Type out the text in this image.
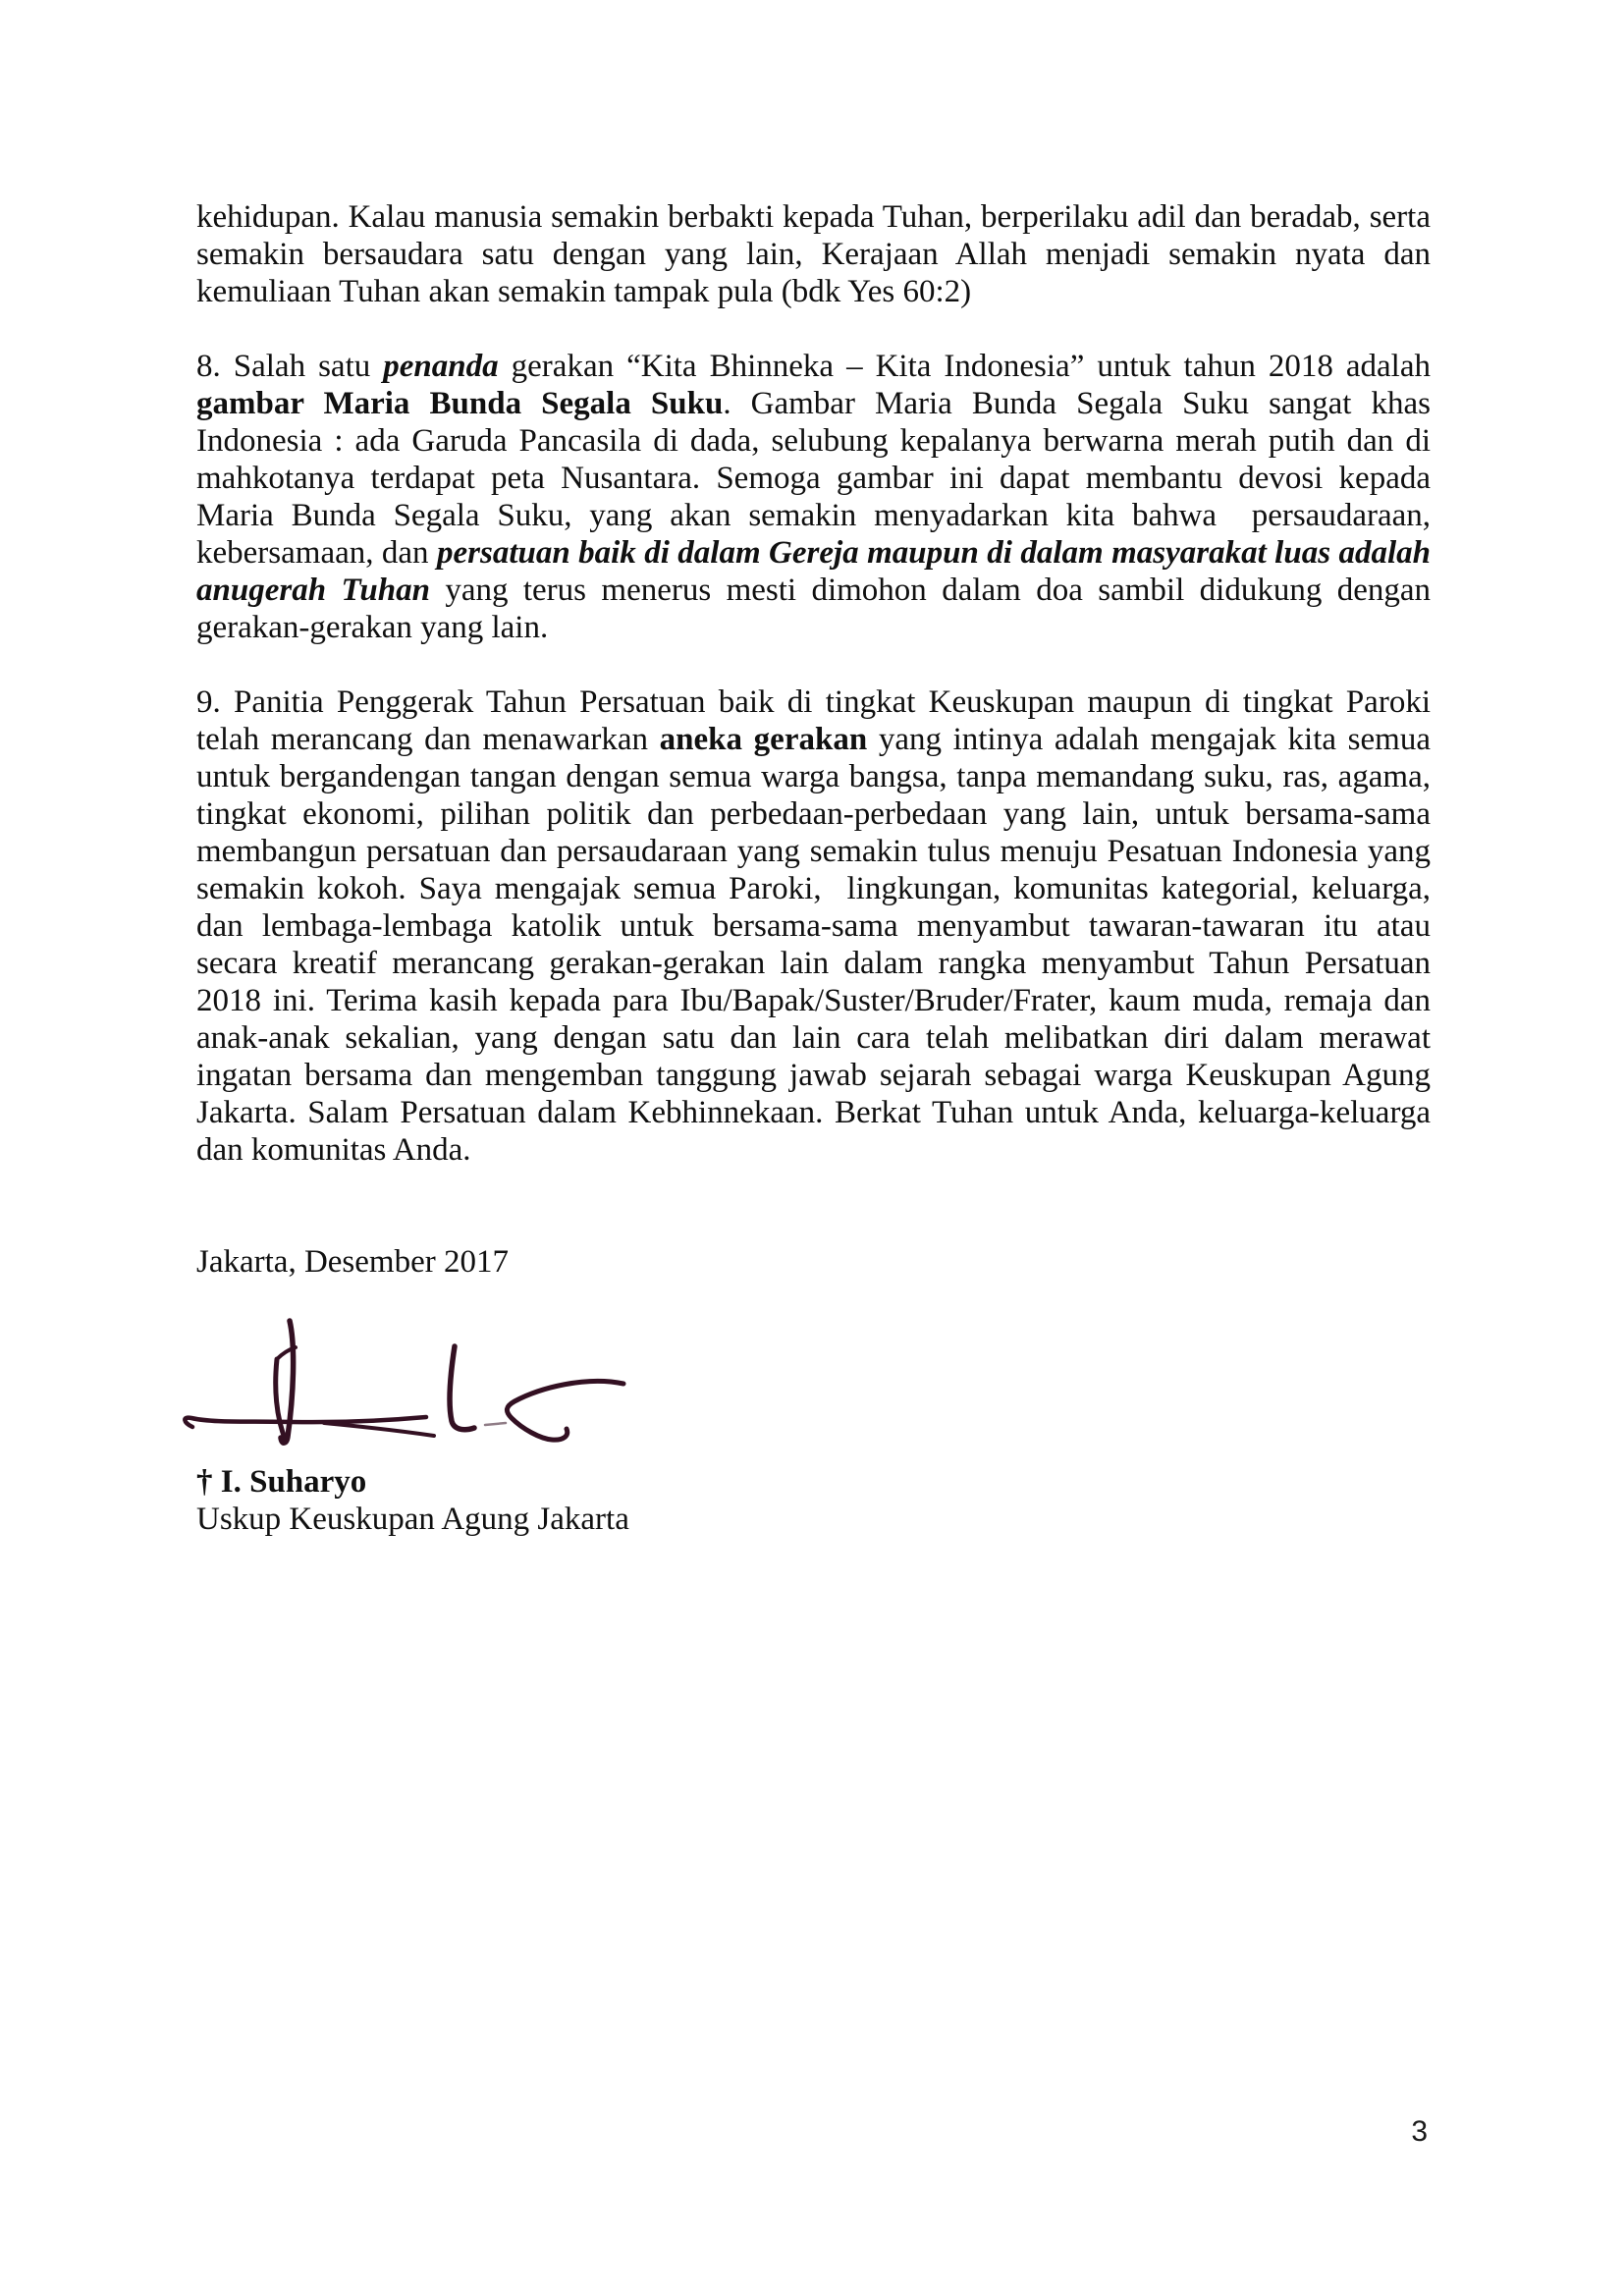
kehidupan. Kalau manusia semakin berbakti kepada Tuhan, berperilaku adil dan beradab, serta semakin bersaudara satu dengan yang lain, Kerajaan Allah menjadi semakin nyata dan kemuliaan Tuhan akan semakin tampak pula (bdk Yes 60:2)

8. Salah satu penanda gerakan “Kita Bhinneka – Kita Indonesia” untuk tahun 2018 adalah gambar Maria Bunda Segala Suku. Gambar Maria Bunda Segala Suku sangat khas Indonesia : ada Garuda Pancasila di dada, selubung kepalanya berwarna merah putih dan di mahkotanya terdapat peta Nusantara. Semoga gambar ini dapat membantu devosi kepada Maria Bunda Segala Suku, yang akan semakin menyadarkan kita bahwa  persaudaraan, kebersamaan, dan persatuan baik di dalam Gereja maupun di dalam masyarakat luas adalah anugerah Tuhan yang terus menerus mesti dimohon dalam doa sambil didukung dengan gerakan-gerakan yang lain.

9. Panitia Penggerak Tahun Persatuan baik di tingkat Keuskupan maupun di tingkat Paroki telah merancang dan menawarkan aneka gerakan yang intinya adalah mengajak kita semua untuk bergandengan tangan dengan semua warga bangsa, tanpa memandang suku, ras, agama, tingkat ekonomi, pilihan politik dan perbedaan-perbedaan yang lain, untuk bersama-sama membangun persatuan dan persaudaraan yang semakin tulus menuju Pesatuan Indonesia yang semakin kokoh. Saya mengajak semua Paroki,  lingkungan, komunitas kategorial, keluarga, dan lembaga-lembaga katolik untuk bersama-sama menyambut tawaran-tawaran itu atau secara kreatif merancang gerakan-gerakan lain dalam rangka menyambut Tahun Persatuan 2018 ini. Terima kasih kepada para Ibu/Bapak/Suster/Bruder/Frater, kaum muda, remaja dan anak-anak sekalian, yang dengan satu dan lain cara telah melibatkan diri dalam merawat ingatan bersama dan mengemban tanggung jawab sejarah sebagai warga Keuskupan Agung Jakarta. Salam Persatuan dalam Kebhinnekaan. Berkat Tuhan untuk Anda, keluarga-keluarga dan komunitas Anda.

Jakarta, Desember 2017

† I. Suharyo
Uskup Keuskupan Agung Jakarta
3
